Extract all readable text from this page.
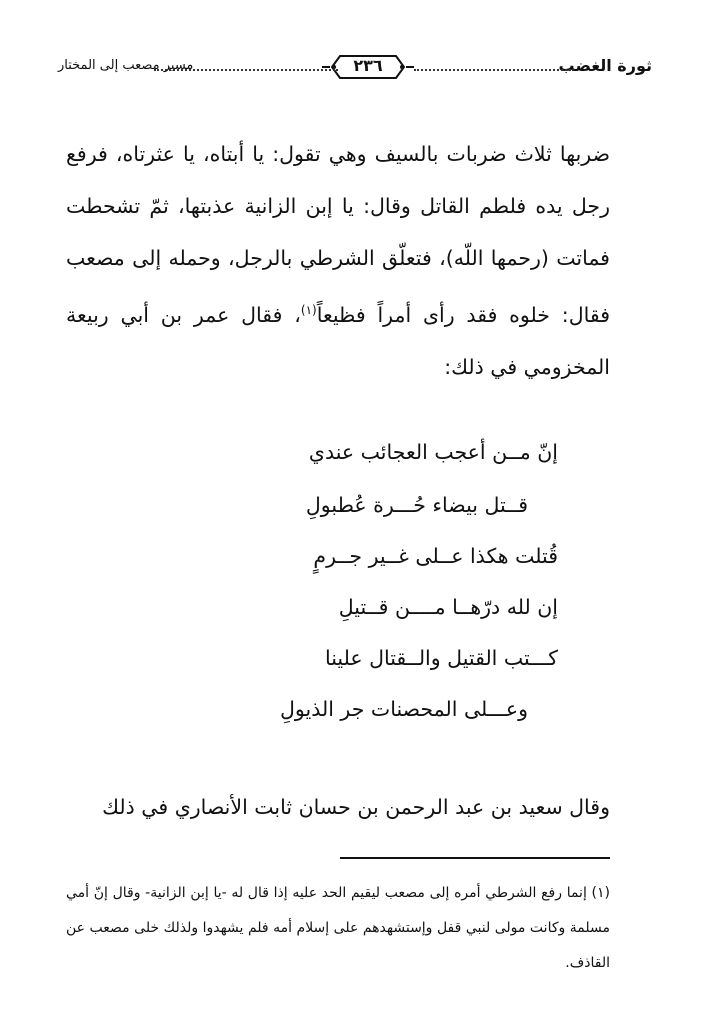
ثورة الغضب
٢٣٦
مسير مصعب إلى المختار
ضربها ثلاث ضربات بالسيف وهي تقول: يا أبتاه، يا عثرتاه، فرفع رجل يده فلطم القاتل وقال: يا إبن الزانية عذبتها، ثمّ تشحطت فماتت (رحمها اللّه)، فتعلّق الشرطي بالرجل، وحمله إلى مصعب فقال: خلوه فقد رأى أمراً فظيعاً$^{(١)}$، فقال عمر بن أبي ربيعة المخزومي في ذلك:
إنّ مــن أعجب العجائب عندي
قــتل بيضاء حُـــرة عُطبولِ
قُتلت هكذا عــلى غــير جــرمٍ
إن لله درّهــا مــــن قــتيلِ
كـــتب القتيل والــقتال علينا
وعـــلى المحصنات جر الذيولِ
وقال سعيد بن عبد الرحمن بن حسان ثابت الأنصاري في ذلك
(١) إنما رفع الشرطي أمره إلى مصعب ليقيم الحد عليه إذا قال له -يا إبن الزانية- وقال إنّ أمي مسلمة وكانت مولى لنبي قفل وإستشهدهم على إسلام أمه فلم يشهدوا ولذلك خلى مصعب عن القاذف.
